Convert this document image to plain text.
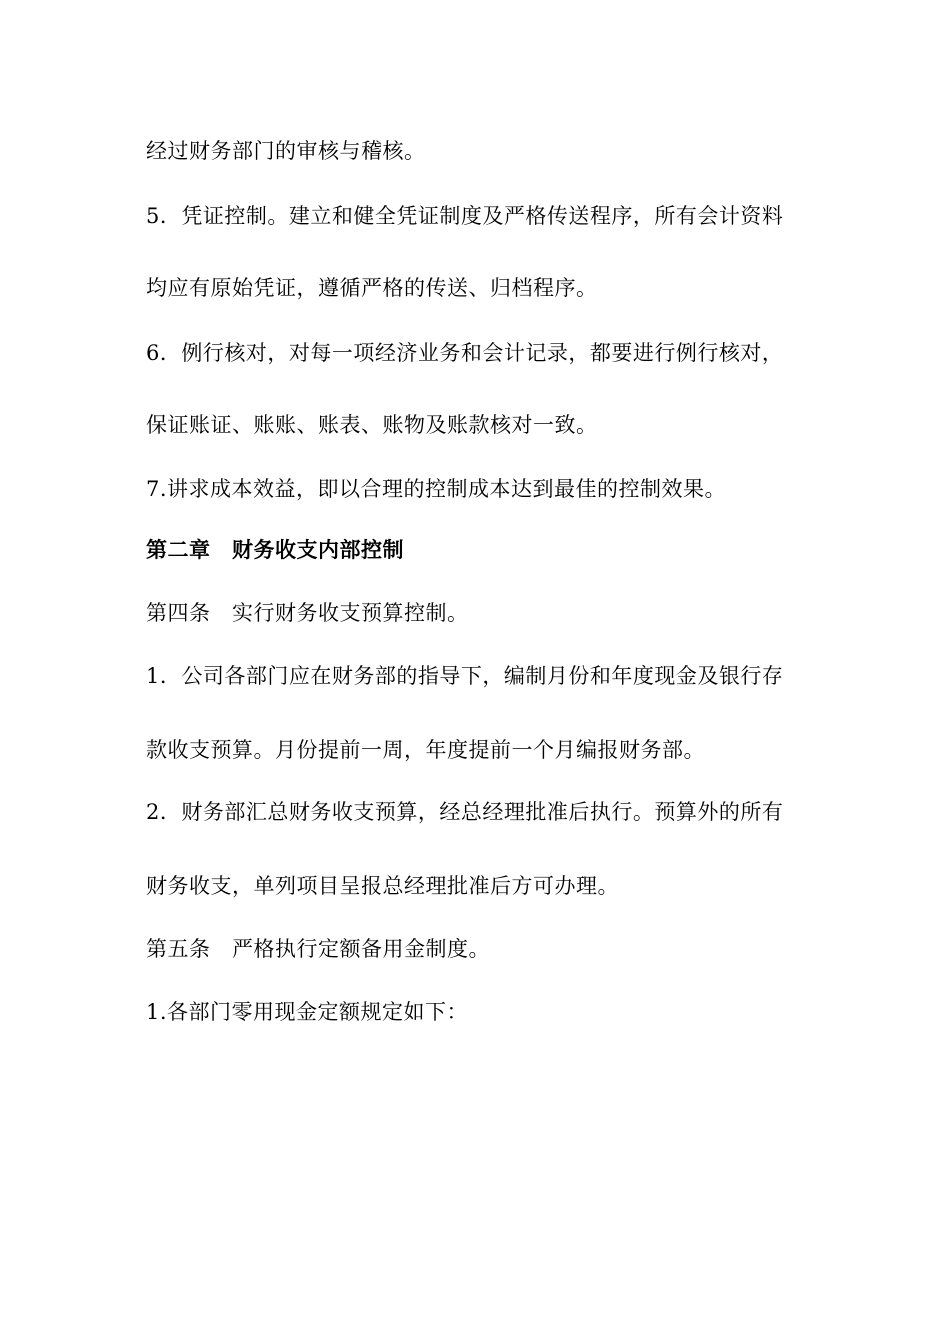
经过财务部门的审核与稽核。
5．凭证控制。建立和健全凭证制度及严格传送程序，所有会计资料
均应有原始凭证，遵循严格的传送、归档程序。
6．例行核对，对每一项经济业务和会计记录，都要进行例行核对，
保证账证、账账、账表、账物及账款核对一致。
7.讲求成本效益，即以合理的控制成本达到最佳的控制效果。
第二章　财务收支内部控制
第四条　实行财务收支预算控制。
1．公司各部门应在财务部的指导下，编制月份和年度现金及银行存
款收支预算。月份提前一周，年度提前一个月编报财务部。
2．财务部汇总财务收支预算，经总经理批准后执行。预算外的所有
财务收支，单列项目呈报总经理批准后方可办理。
第五条　严格执行定额备用金制度。
1.各部门零用现金定额规定如下：
